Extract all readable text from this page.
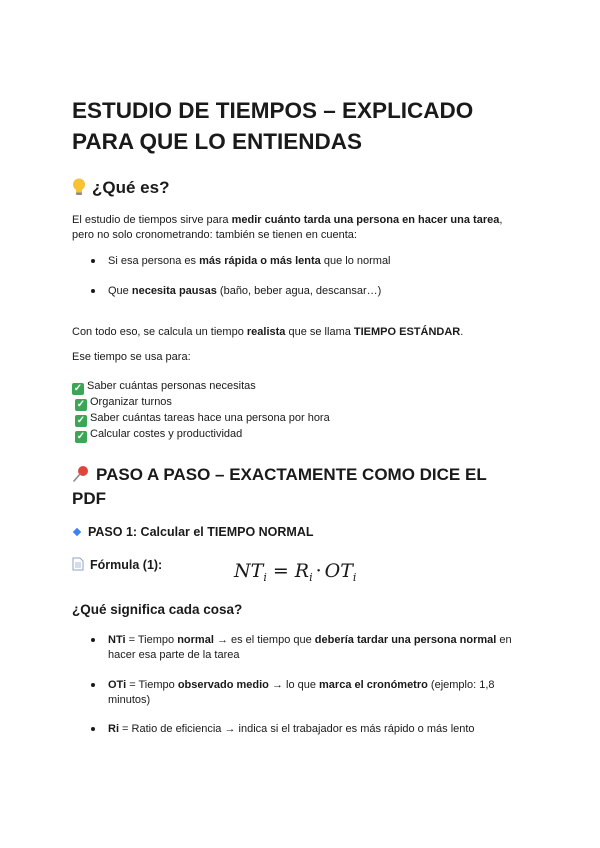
ESTUDIO DE TIEMPOS – EXPLICADO PARA QUE LO ENTIENDAS
¿Qué es?

El estudio de tiempos sirve para medir cuánto tarda una persona en hacer una tarea,
pero no solo cronometrando: también se tienen en cuenta:

Si esa persona es más rápida o más lenta que lo normal
Que necesita pausas (baño, beber agua, descansar…)

Con todo eso, se calcula un tiempo realista que se llama TIEMPO ESTÁNDAR.

Ese tiempo se usa para:

✓ Saber cuántas personas necesitas
✓ Organizar turnos
✓ Saber cuántas tareas hace una persona por hora
✓ Calcular costes y productividad
PASO A PASO – EXACTAMENTE COMO DICE EL PDF
PASO 1: Calcular el TIEMPO NORMAL
Fórmula (1):	$NT_i = R_i \cdot OT_i$
¿Qué significa cada cosa?
NTi = Tiempo normal → es el tiempo que debería tardar una persona normal en hacer esa parte de la tarea
OTi = Tiempo observado medio → lo que marca el cronómetro (ejemplo: 1,8 minutos)
Ri = Ratio de eficiencia → indica si el trabajador es más rápido o más lento
